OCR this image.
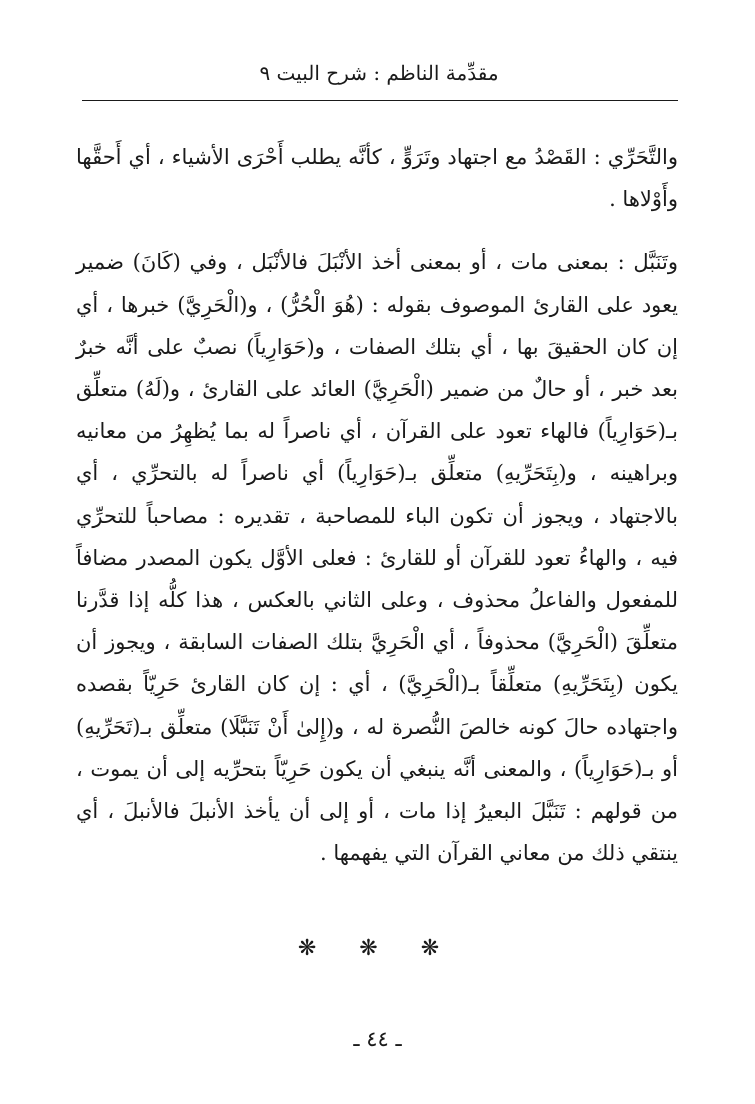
مقدِّمة الناظم : شرح البيت ٩

والتَّحَرِّي : القَصْدُ مع اجتهاد وتَرَوٍّ ، كأنَّه يطلب أَحْرَى الأشياء ، أي أَحقَّها وأَوْلاها .

وتَنَبَّل : بمعنى مات ، أو بمعنى أخذ الأنْبَلَ فالأنْبَل ، وفي (كَانَ) ضمير يعود على القارئ الموصوف بقوله : (هُوَ الْحُرُّ) ، و(الْحَرِيَّ) خبرها ، أي إن كان الحقيقَ بها ، أي بتلك الصفات ، و(حَوَارِياً) نصبٌ على أنَّه خبرٌ بعد خبر ، أو حالٌ من ضمير (الْحَرِيَّ) العائد على القارئ ، و(لَهُ) متعلِّق بـ(حَوَارِياً) فالهاء تعود على القرآن ، أي ناصراً له بما يُظهِرُ من معانيه وبراهينه ، و(بِتَحَرِّيهِ) متعلِّق بـ(حَوَارِياً) أي ناصراً له بالتحرِّي ، أي بالاجتهاد ، ويجوز أن تكون الباء للمصاحبة ، تقديره : مصاحباً للتحرِّي فيه ، والهاءُ تعود للقرآن أو للقارئ : فعلى الأوَّل يكون المصدر مضافاً للمفعول والفاعلُ محذوف ، وعلى الثاني بالعكس ، هذا كلُّه إذا قدَّرنا متعلِّقَ (الْحَرِيَّ) محذوفاً ، أي الْحَرِيَّ بتلك الصفات السابقة ، ويجوز أن يكون (بِتَحَرِّيهِ) متعلِّقاً بـ(الْحَرِيَّ) ، أي : إن كان القارئ حَرِيّاً بقصده واجتهاده حالَ كونه خالصَ النُّصرة له ، و(إِلىٰ أَنْ تَنَبَّلَا) متعلِّق بـ(تَحَرِّيهِ) أو بـ(حَوَارِياً) ، والمعنى أنَّه ينبغي أن يكون حَرِيّاً بتحرِّيه إلى أن يموت ، من قولهم : تَنَبَّلَ البعيرُ إذا مات ، أو إلى أن يأخذ الأنبلَ فالأنبلَ ، أي ينتقي ذلك من معاني القرآن التي يفهمها .

❋ ❋ ❋
ـ ٤٤ ـ
